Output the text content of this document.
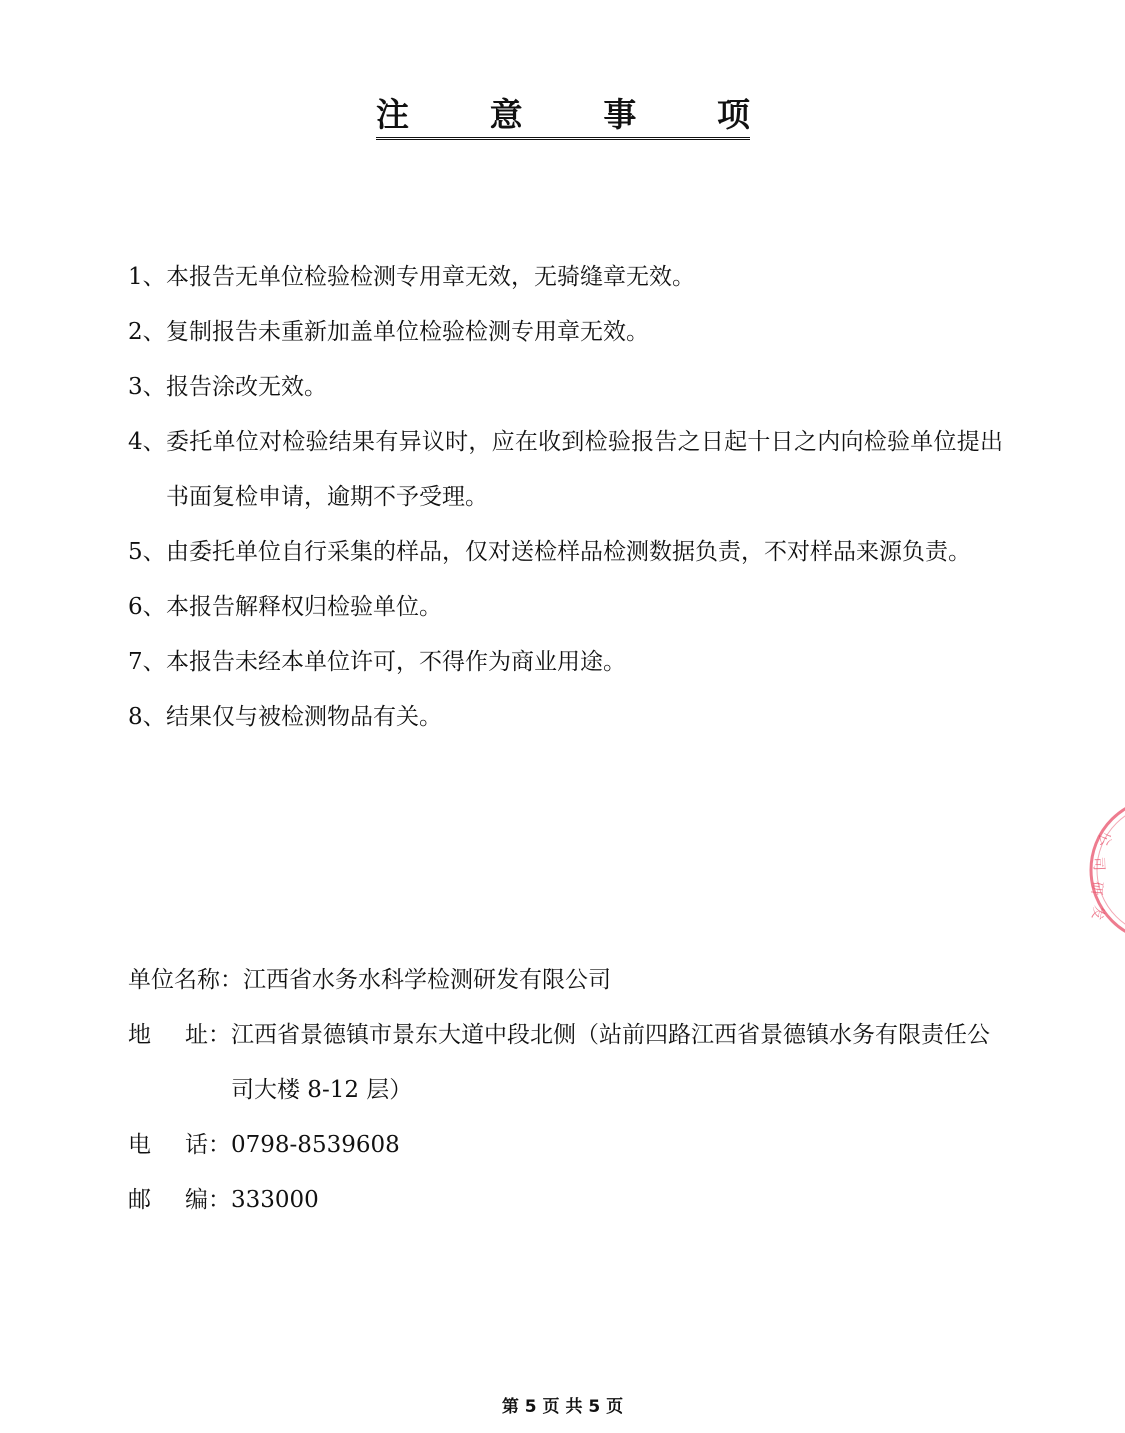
注 意 事 项
1、 本报告无单位检验检测专用章无效，无骑缝章无效。
2、 复制报告未重新加盖单位检验检测专用章无效。
3、 报告涂改无效。
4、 委托单位对检验结果有异议时，应在收到检验报告之日起十日之内向检验单位提出书面复检申请，逾期不予受理。
5、 由委托单位自行采集的样品，仅对送检样品检测数据负责，不对样品来源负责。
6、 本报告解释权归检验单位。
7、 本报告未经本单位许可，不得作为商业用途。
8、 结果仅与被检测物品有关。
单位名称： 江西省水务水科学检测研发有限公司
地 址： 江西省景德镇市景东大道中段北侧（站前四路江西省景德镇水务有限责任公司大楼 8-12 层）
电 话： 0798-8539608
邮 编： 333000
公
司
研
发
第 5 页 共 5 页
